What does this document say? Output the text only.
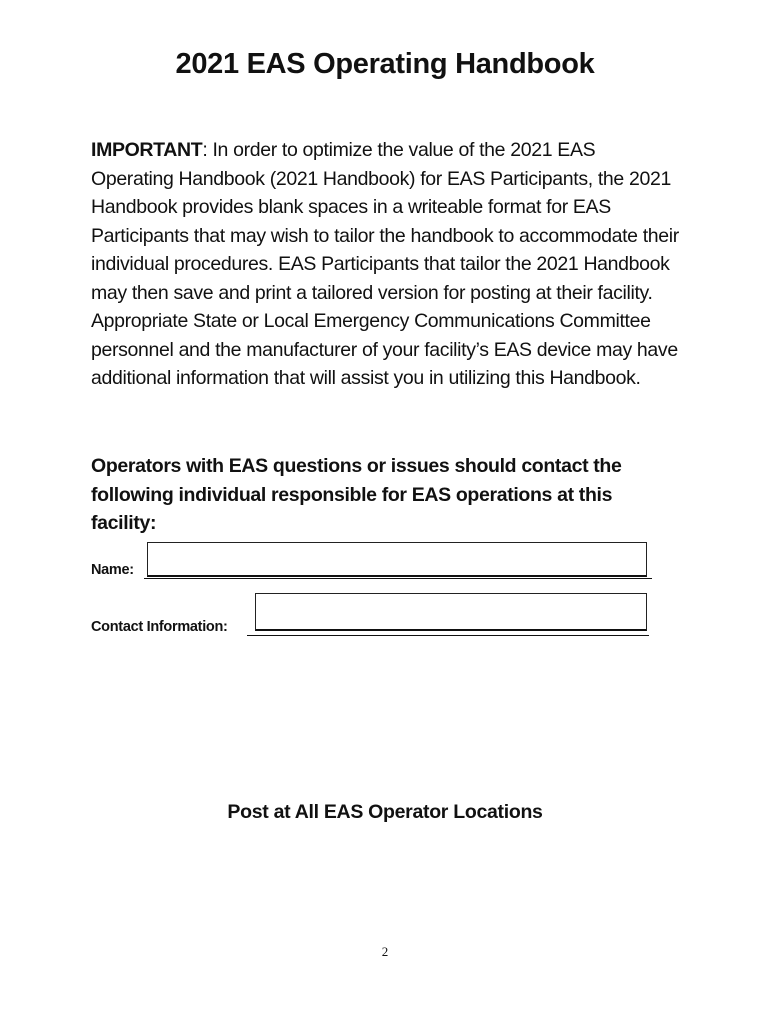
2021 EAS Operating Handbook
IMPORTANT: In order to optimize the value of the 2021 EAS Operating Handbook (2021 Handbook) for EAS Participants, the 2021 Handbook provides blank spaces in a writeable format for EAS Participants that may wish to tailor the handbook to accommodate their individual procedures. EAS Participants that tailor the 2021 Handbook may then save and print a tailored version for posting at their facility. Appropriate State or Local Emergency Communications Committee personnel and the manufacturer of your facility’s EAS device may have additional information that will assist you in utilizing this Handbook.
Operators with EAS questions or issues should contact the following individual responsible for EAS operations at this facility:
Name:
Contact Information:
Post at All EAS Operator Locations
2
